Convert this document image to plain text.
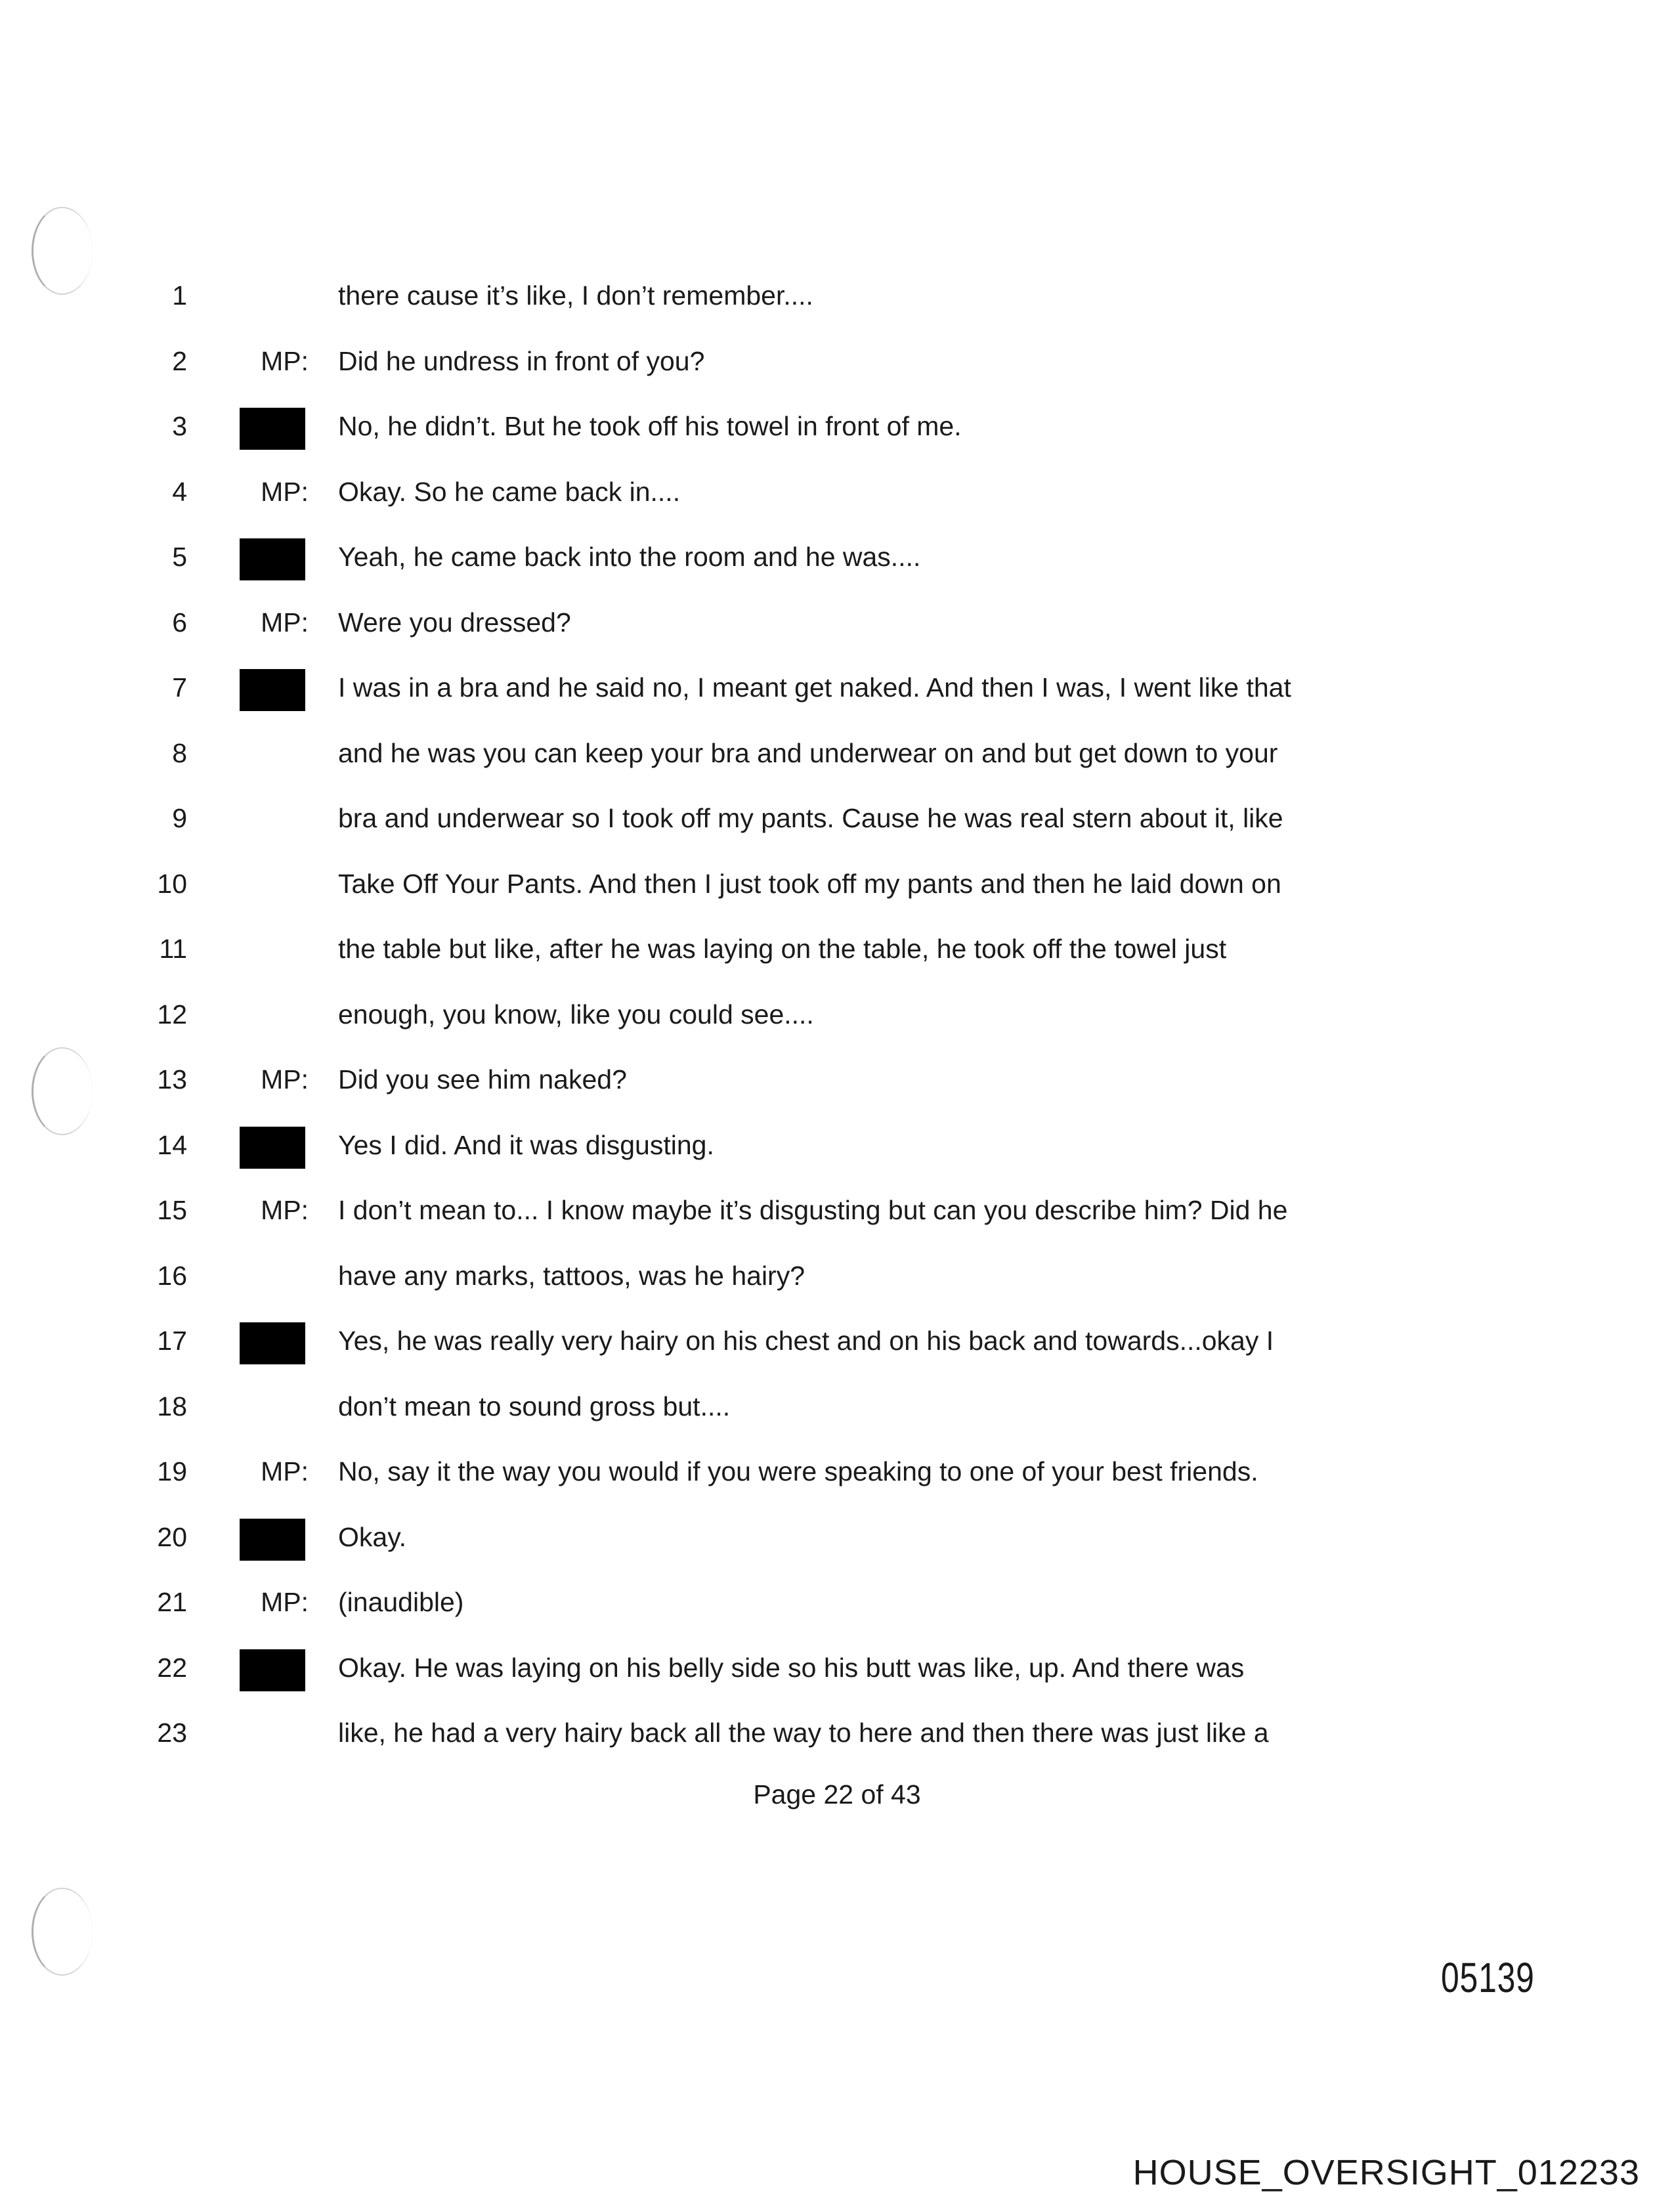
1	there cause it’s like, I don’t remember....
2	MP: Did he undress in front of you?
3	No, he didn’t. But he took off his towel in front of me.
4	MP: Okay. So he came back in....
5	Yeah, he came back into the room and he was....
6	MP: Were you dressed?
7	I was in a bra and he said no, I meant get naked. And then I was, I went like that
8	and he was you can keep your bra and underwear on and but get down to your
9	bra and underwear so I took off my pants. Cause he was real stern about it, like
10	Take Off Your Pants. And then I just took off my pants and then he laid down on
11	the table but like, after he was laying on the table, he took off the towel just
12	enough, you know, like you could see....
13	MP: Did you see him naked?
14	Yes I did. And it was disgusting.
15	MP: I don’t mean to... I know maybe it’s disgusting but can you describe him? Did he
16	have any marks, tattoos, was he hairy?
17	Yes, he was really very hairy on his chest and on his back and towards...okay I
18	don’t mean to sound gross but....
19	MP: No, say it the way you would if you were speaking to one of your best friends.
20	Okay.
21	MP: (inaudible)
22	Okay. He was laying on his belly side so his butt was like, up. And there was
23	like, he had a very hairy back all the way to here and then there was just like a
Page 22 of 43
05139
HOUSE_OVERSIGHT_012233
